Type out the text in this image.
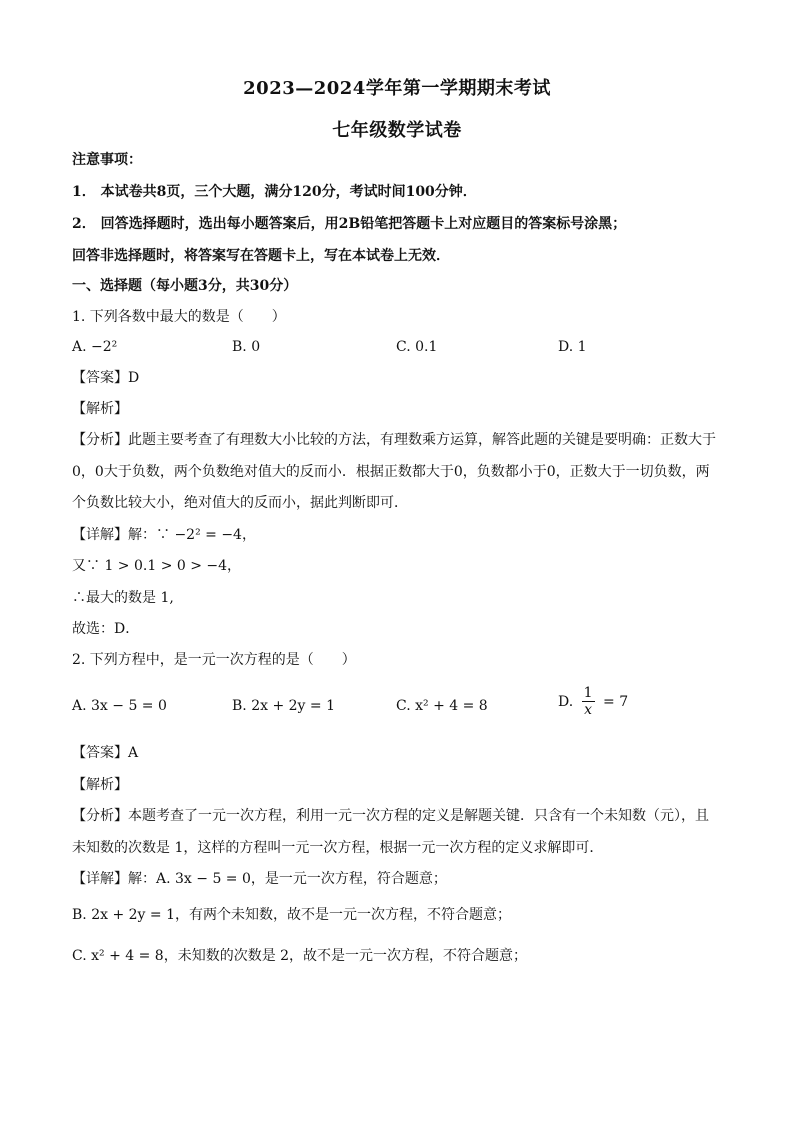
2023—2024学年第一学期期末考试
七年级数学试卷
注意事项：
1． 本试卷共8页，三个大题，满分120分，考试时间100分钟．
2． 回答选择题时，选出每小题答案后，用2B铅笔把答题卡上对应题目的答案标号涂黑；
回答非选择题时，将答案写在答题卡上，写在本试卷上无效．
一、选择题（每小题3分，共30分）
1. 下列各数中最大的数是（　　）
A. −2²	B. 0	C. 0.1	D. 1
【答案】D
【解析】
【分析】此题主要考查了有理数大小比较的方法，有理数乘方运算，解答此题的关键是要明确：正数大于
0，0大于负数，两个负数绝对值大的反而小．根据正数都大于0，负数都小于0，正数大于一切负数，两
个负数比较大小，绝对值大的反而小，据此判断即可．
【详解】解：∵ −2² = −4，
又∵ 1 > 0.1 > 0 > −4，
∴最大的数是 1,
故选：D．
2. 下列方程中，是一元一次方程的是（　　）
A. 3x − 5 = 0	B. 2x + 2y = 1	C. x² + 4 = 8	D. $\frac{1}{x} = 7$
【答案】A
【解析】
【分析】本题考查了一元一次方程，利用一元一次方程的定义是解题关键．只含有一个未知数（元），且
未知数的次数是 1，这样的方程叫一元一次方程，根据一元一次方程的定义求解即可．
【详解】解：A. 3x − 5 = 0，是一元一次方程，符合题意；
B. 2x + 2y = 1，有两个未知数，故不是一元一次方程，不符合题意；
C. x² + 4 = 8，未知数的次数是 2，故不是一元一次方程，不符合题意；
